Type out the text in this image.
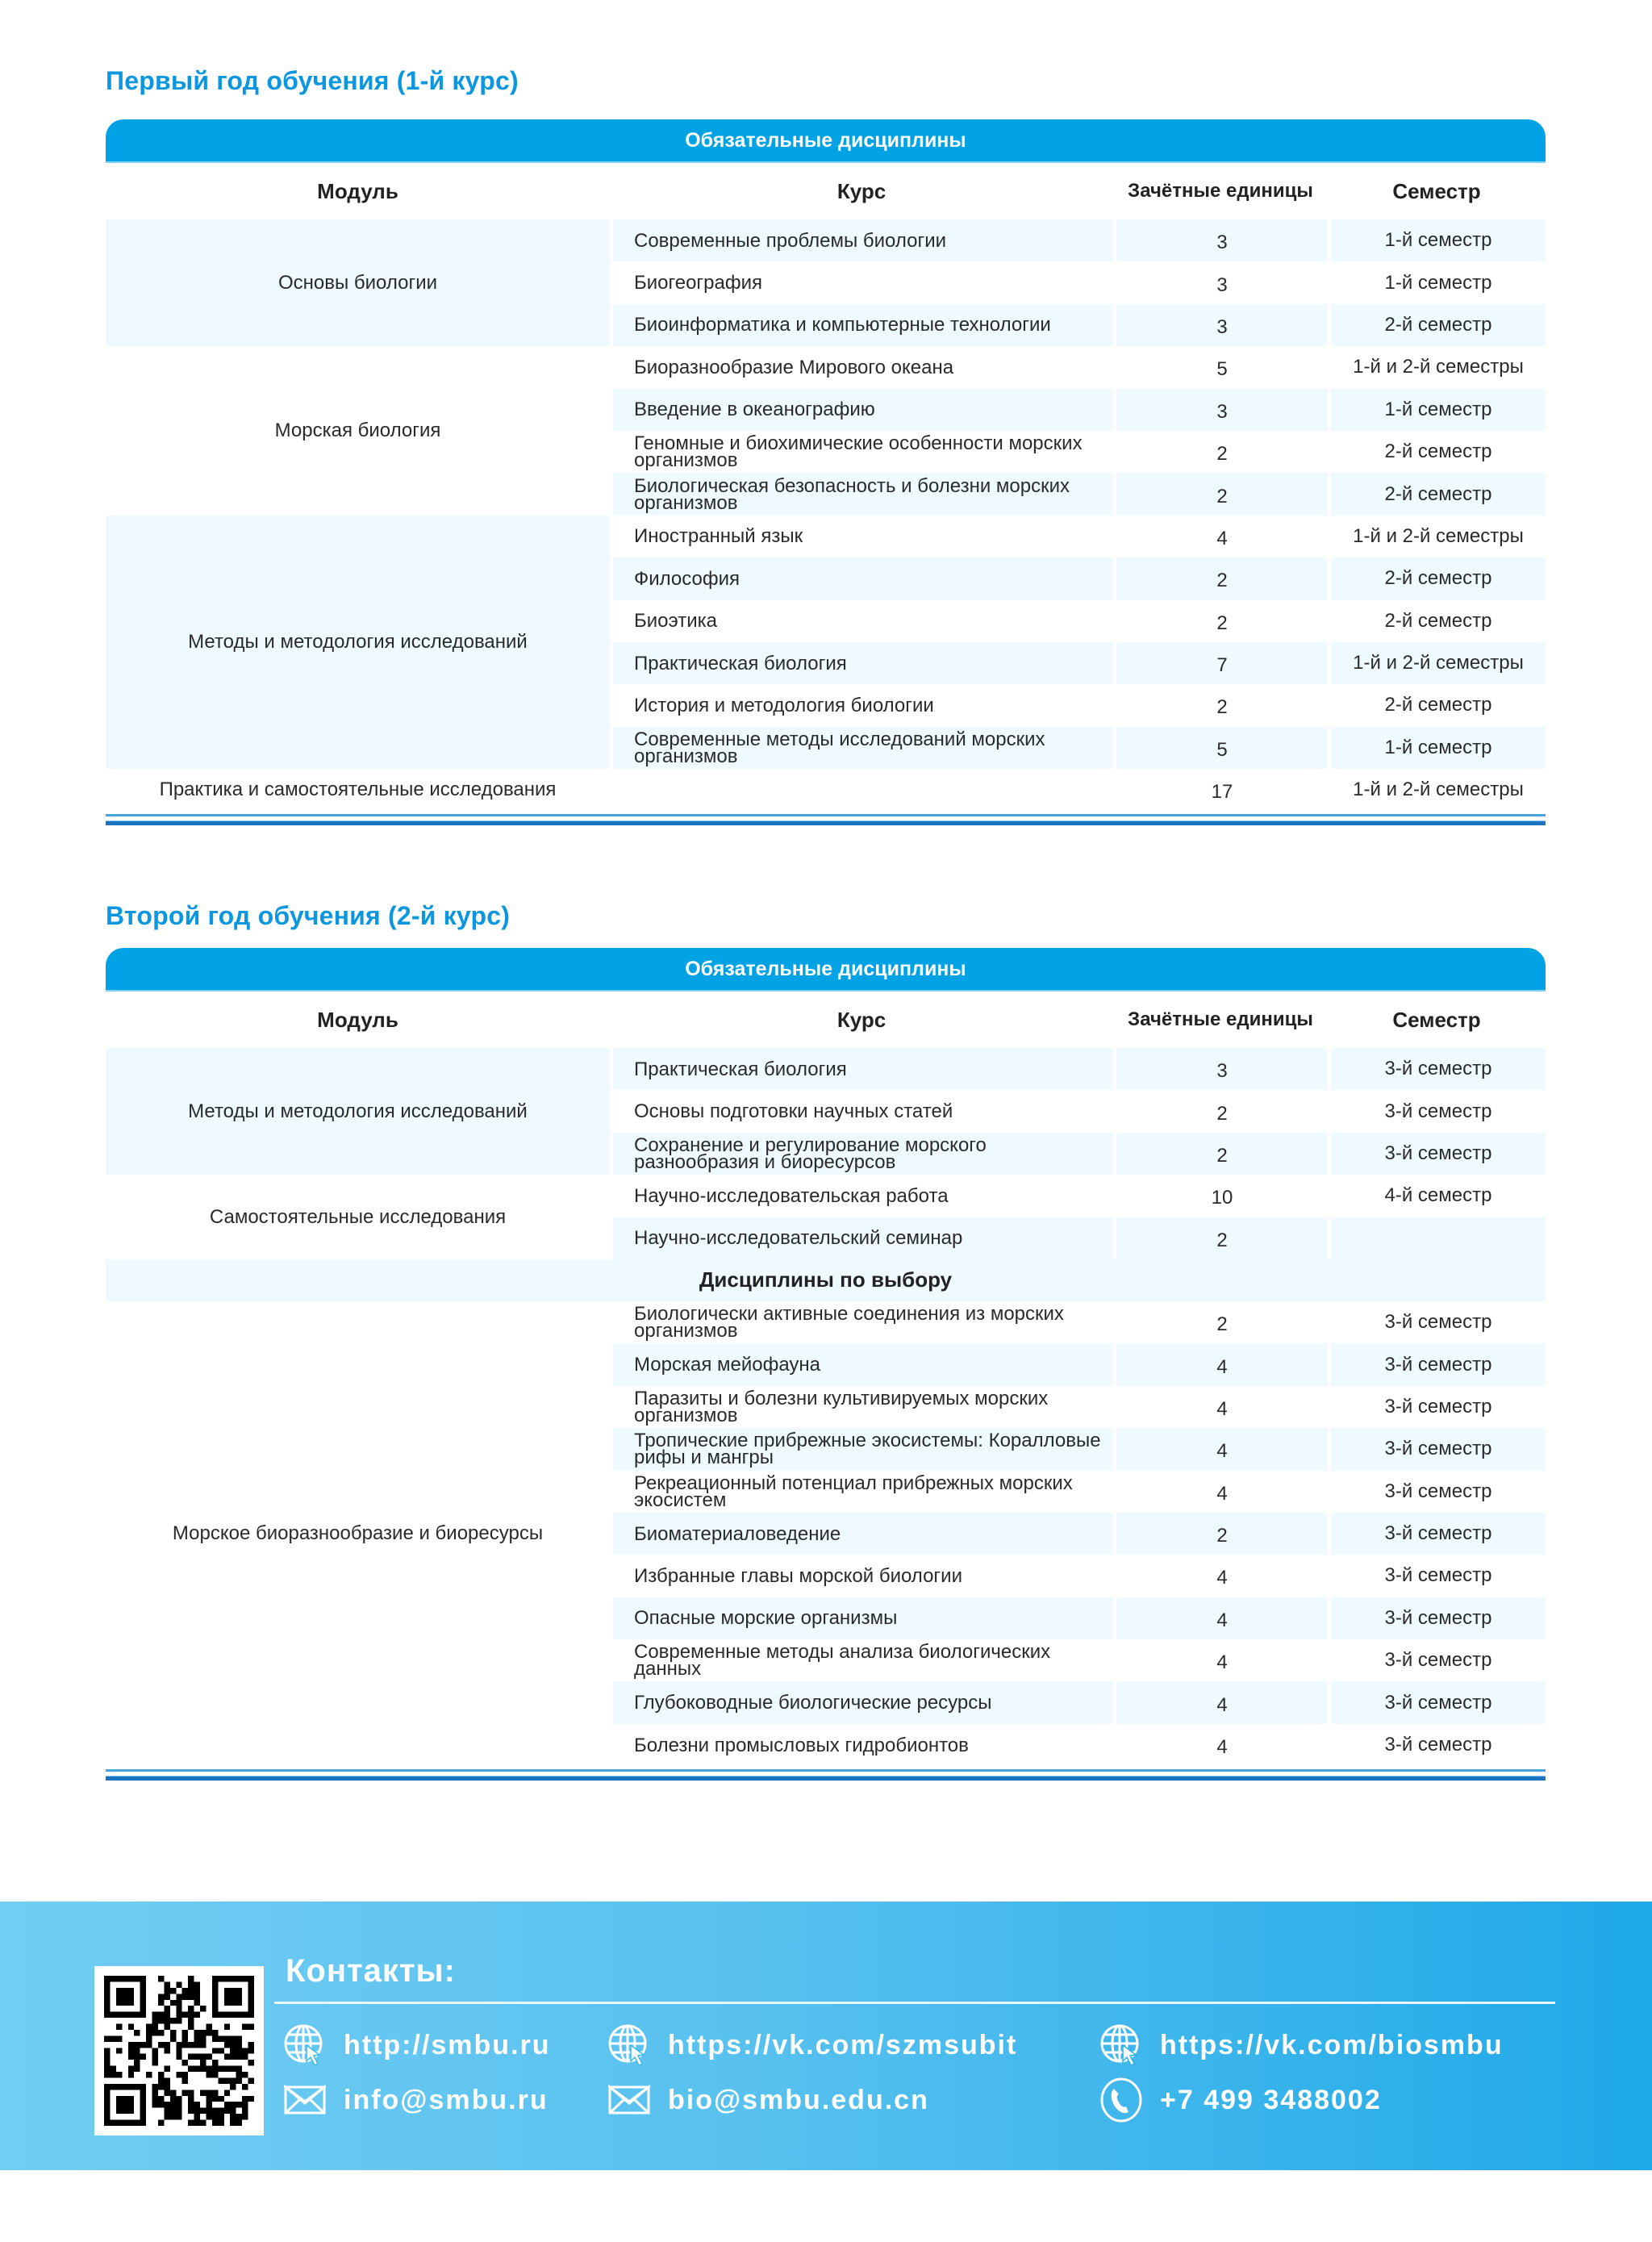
Первый год обучения (1-й курс)
Обязательные дисциплины
Модуль	Курс	Зачётные единицы	Семестр
Основы биологии
Современные проблемы биологии	3	1-й семестр
Биогеография	3	1-й семестр
Биоинформатика и компьютерные технологии	3	2-й семестр
Морская биология
Биоразнообразие Мирового океана	5	1-й и 2-й семестры
Введение в океанографию	3	1-й семестр
Геномные и биохимические особенности морских организмов	2	2-й семестр
Биологическая безопасность и болезни морских организмов	2	2-й семестр
Методы и методология исследований
Иностранный язык	4	1-й и 2-й семестры
Философия	2	2-й семестр
Биоэтика	2	2-й семестр
Практическая биология	7	1-й и 2-й семестры
История и методология биологии	2	2-й семестр
Современные методы исследований морских организмов	5	1-й семестр
Практика и самостоятельные исследования	17	1-й и 2-й семестры
Второй год обучения (2-й курс)
Обязательные дисциплины
Модуль	Курс	Зачётные единицы	Семестр
Методы и методология исследований
Практическая биология	3	3-й семестр
Основы подготовки научных статей	2	3-й семестр
Сохранение и регулирование морского разнообразия и биоресурсов	2	3-й семестр
Самостоятельные исследования
Научно-исследовательская работа	10	4-й семестр
Научно-исследовательский семинар	2
Дисциплины по выбору
Морское биоразнообразие и биоресурсы
Биологически активные соединения из морских организмов	2	3-й семестр
Морская мейофауна	4	3-й семестр
Паразиты и болезни культивируемых морских организмов	4	3-й семестр
Тропические прибрежные экосистемы: Коралловые рифы и мангры	4	3-й семестр
Рекреационный потенциал прибрежных морских экосистем	4	3-й семестр
Биоматериаловедение	2	3-й семестр
Избранные главы морской биологии	4	3-й семестр
Опасные морские организмы	4	3-й семестр
Современные методы анализа биологических данных	4	3-й семестр
Глубоководные биологические ресурсы	4	3-й семестр
Болезни промысловых гидробионтов	4	3-й семестр
Контакты:
http://smbu.ru	https://vk.com/szmsubit	https://vk.com/biosmbu
info@smbu.ru	bio@smbu.edu.cn	+7 499 3488002
